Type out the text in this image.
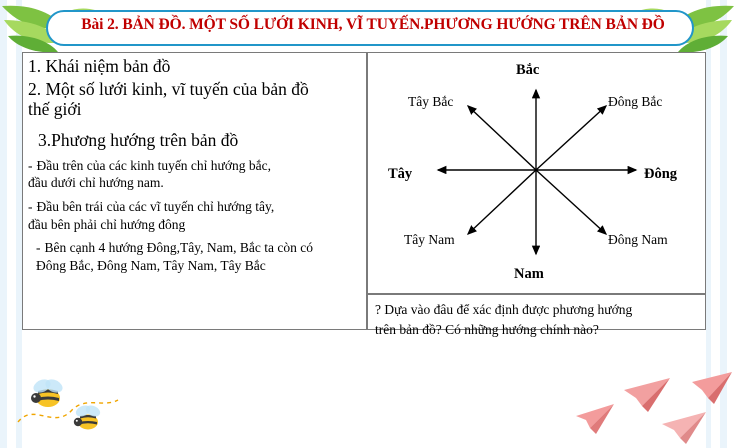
Bài 2. BẢN ĐỒ. MỘT SỐ LƯỚI KINH, VĨ TUYẾN.PHƯƠNG HƯỚNG TRÊN BẢN ĐỒ

1. Khái niệm bản đồ

2. Một số lưới kinh, vĩ tuyến của bản đồ

thế giới

3.Phương hướng trên bản đồ

- Đầu trên của các kinh tuyến chỉ hướng bắc,
đầu dưới chỉ hướng nam.

- Đầu bên trái của các vĩ tuyến chỉ hướng tây,
đầu bên phải chỉ hướng đông

- Bên cạnh 4 hướng Đông,Tây, Nam, Bắc ta còn có
Đông Bắc, Đông Nam, Tây Nam, Tây Bắc

Bắc
Nam
Tây	Đông
Tây Bắc	Đông Bắc
Tây Nam	Đông Nam
? Dựa vào đâu để xác định được phương hướng
trên bản đồ? Có những hướng chính nào?
